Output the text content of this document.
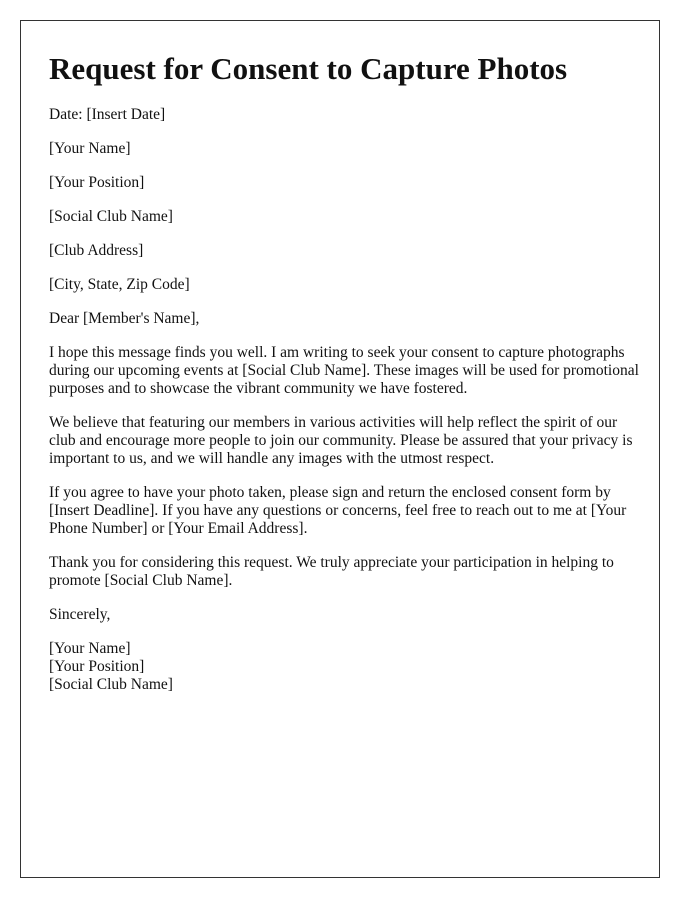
Request for Consent to Capture Photos

Date: [Insert Date]

[Your Name]

[Your Position]

[Social Club Name]

[Club Address]

[City, State, Zip Code]

Dear [Member's Name],

I hope this message finds you well. I am writing to seek your consent to capture photographs during our upcoming events at [Social Club Name]. These images will be used for promotional purposes and to showcase the vibrant community we have fostered.

We believe that featuring our members in various activities will help reflect the spirit of our club and encourage more people to join our community. Please be assured that your privacy is important to us, and we will handle any images with the utmost respect.

If you agree to have your photo taken, please sign and return the enclosed consent form by [Insert Deadline]. If you have any questions or concerns, feel free to reach out to me at [Your Phone Number] or [Your Email Address].

Thank you for considering this request. We truly appreciate your participation in helping to promote [Social Club Name].

Sincerely,

[Your Name]
[Your Position]
[Social Club Name]
